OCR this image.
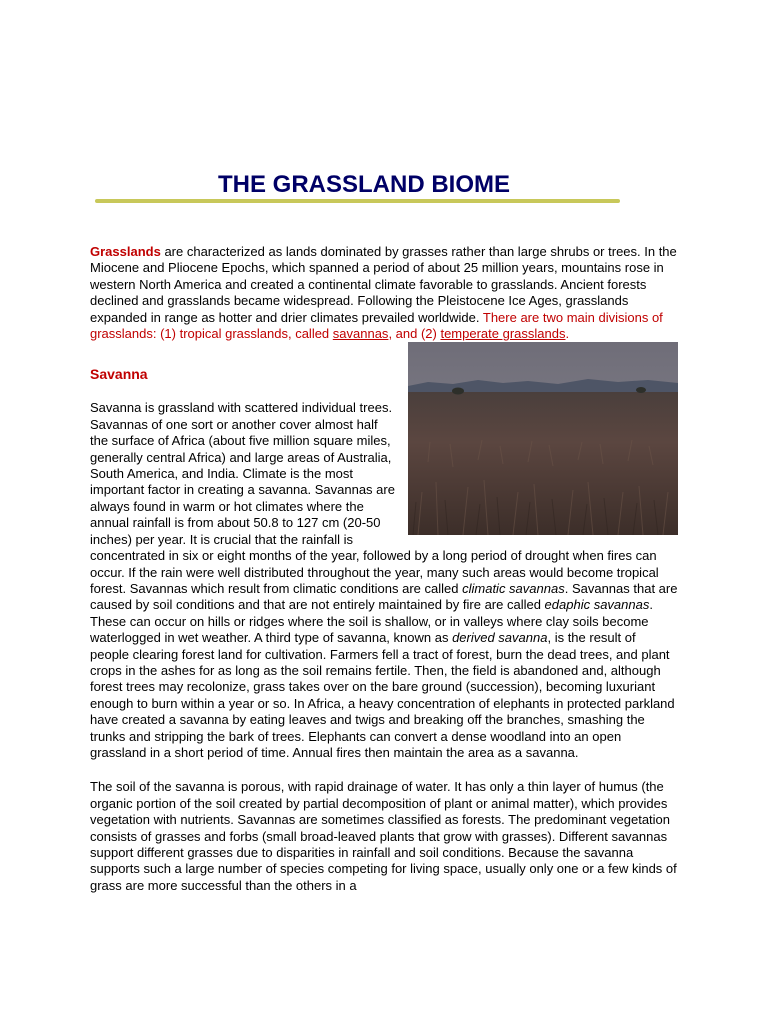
THE GRASSLAND BIOME

Grasslands are characterized as lands dominated by grasses rather than large shrubs or trees. In the Miocene and Pliocene Epochs, which spanned a period of about 25 million years, mountains rose in western North America and created a continental climate favorable to grasslands. Ancient forests declined and grasslands became widespread. Following the Pleistocene Ice Ages, grasslands expanded in range as hotter and drier climates prevailed worldwide. There are two main divisions of grasslands: (1) tropical grasslands, called savannas, and (2) temperate grasslands.

Savanna

Savanna is grassland with scattered individual trees. Savannas of one sort or another cover almost half the surface of Africa (about five million square miles, generally central Africa) and large areas of Australia, South America, and India. Climate is the most important factor in creating a savanna. Savannas are always found in warm or hot climates where the annual rainfall is from about 50.8 to 127 cm (20-50 inches) per year. It is crucial that the rainfall is concentrated in six or eight months of the year, followed by a long period of drought when fires can occur. If the rain were well distributed throughout the year, many such areas would become tropical forest. Savannas which result from climatic conditions are called climatic savannas. Savannas that are caused by soil conditions and that are not entirely maintained by fire are called edaphic savannas. These can occur on hills or ridges where the soil is shallow, or in valleys where clay soils become waterlogged in wet weather. A third type of savanna, known as derived savanna, is the result of people clearing forest land for cultivation. Farmers fell a tract of forest, burn the dead trees, and plant crops in the ashes for as long as the soil remains fertile. Then, the field is abandoned and, although forest trees may recolonize, grass takes over on the bare ground (succession), becoming luxuriant enough to burn within a year or so. In Africa, a heavy concentration of elephants in protected parkland have created a savanna by eating leaves and twigs and breaking off the branches, smashing the trunks and stripping the bark of trees. Elephants can convert a dense woodland into an open grassland in a short period of time. Annual fires then maintain the area as a savanna.

The soil of the savanna is porous, with rapid drainage of water. It has only a thin layer of humus (the organic portion of the soil created by partial decomposition of plant or animal matter), which provides vegetation with nutrients. Savannas are sometimes classified as forests. The predominant vegetation consists of grasses and forbs (small broad-leaved plants that grow with grasses). Different savannas support different grasses due to disparities in rainfall and soil conditions. Because the savanna supports such a large number of species competing for living space, usually only one or a few kinds of grass are more successful than the others in a
